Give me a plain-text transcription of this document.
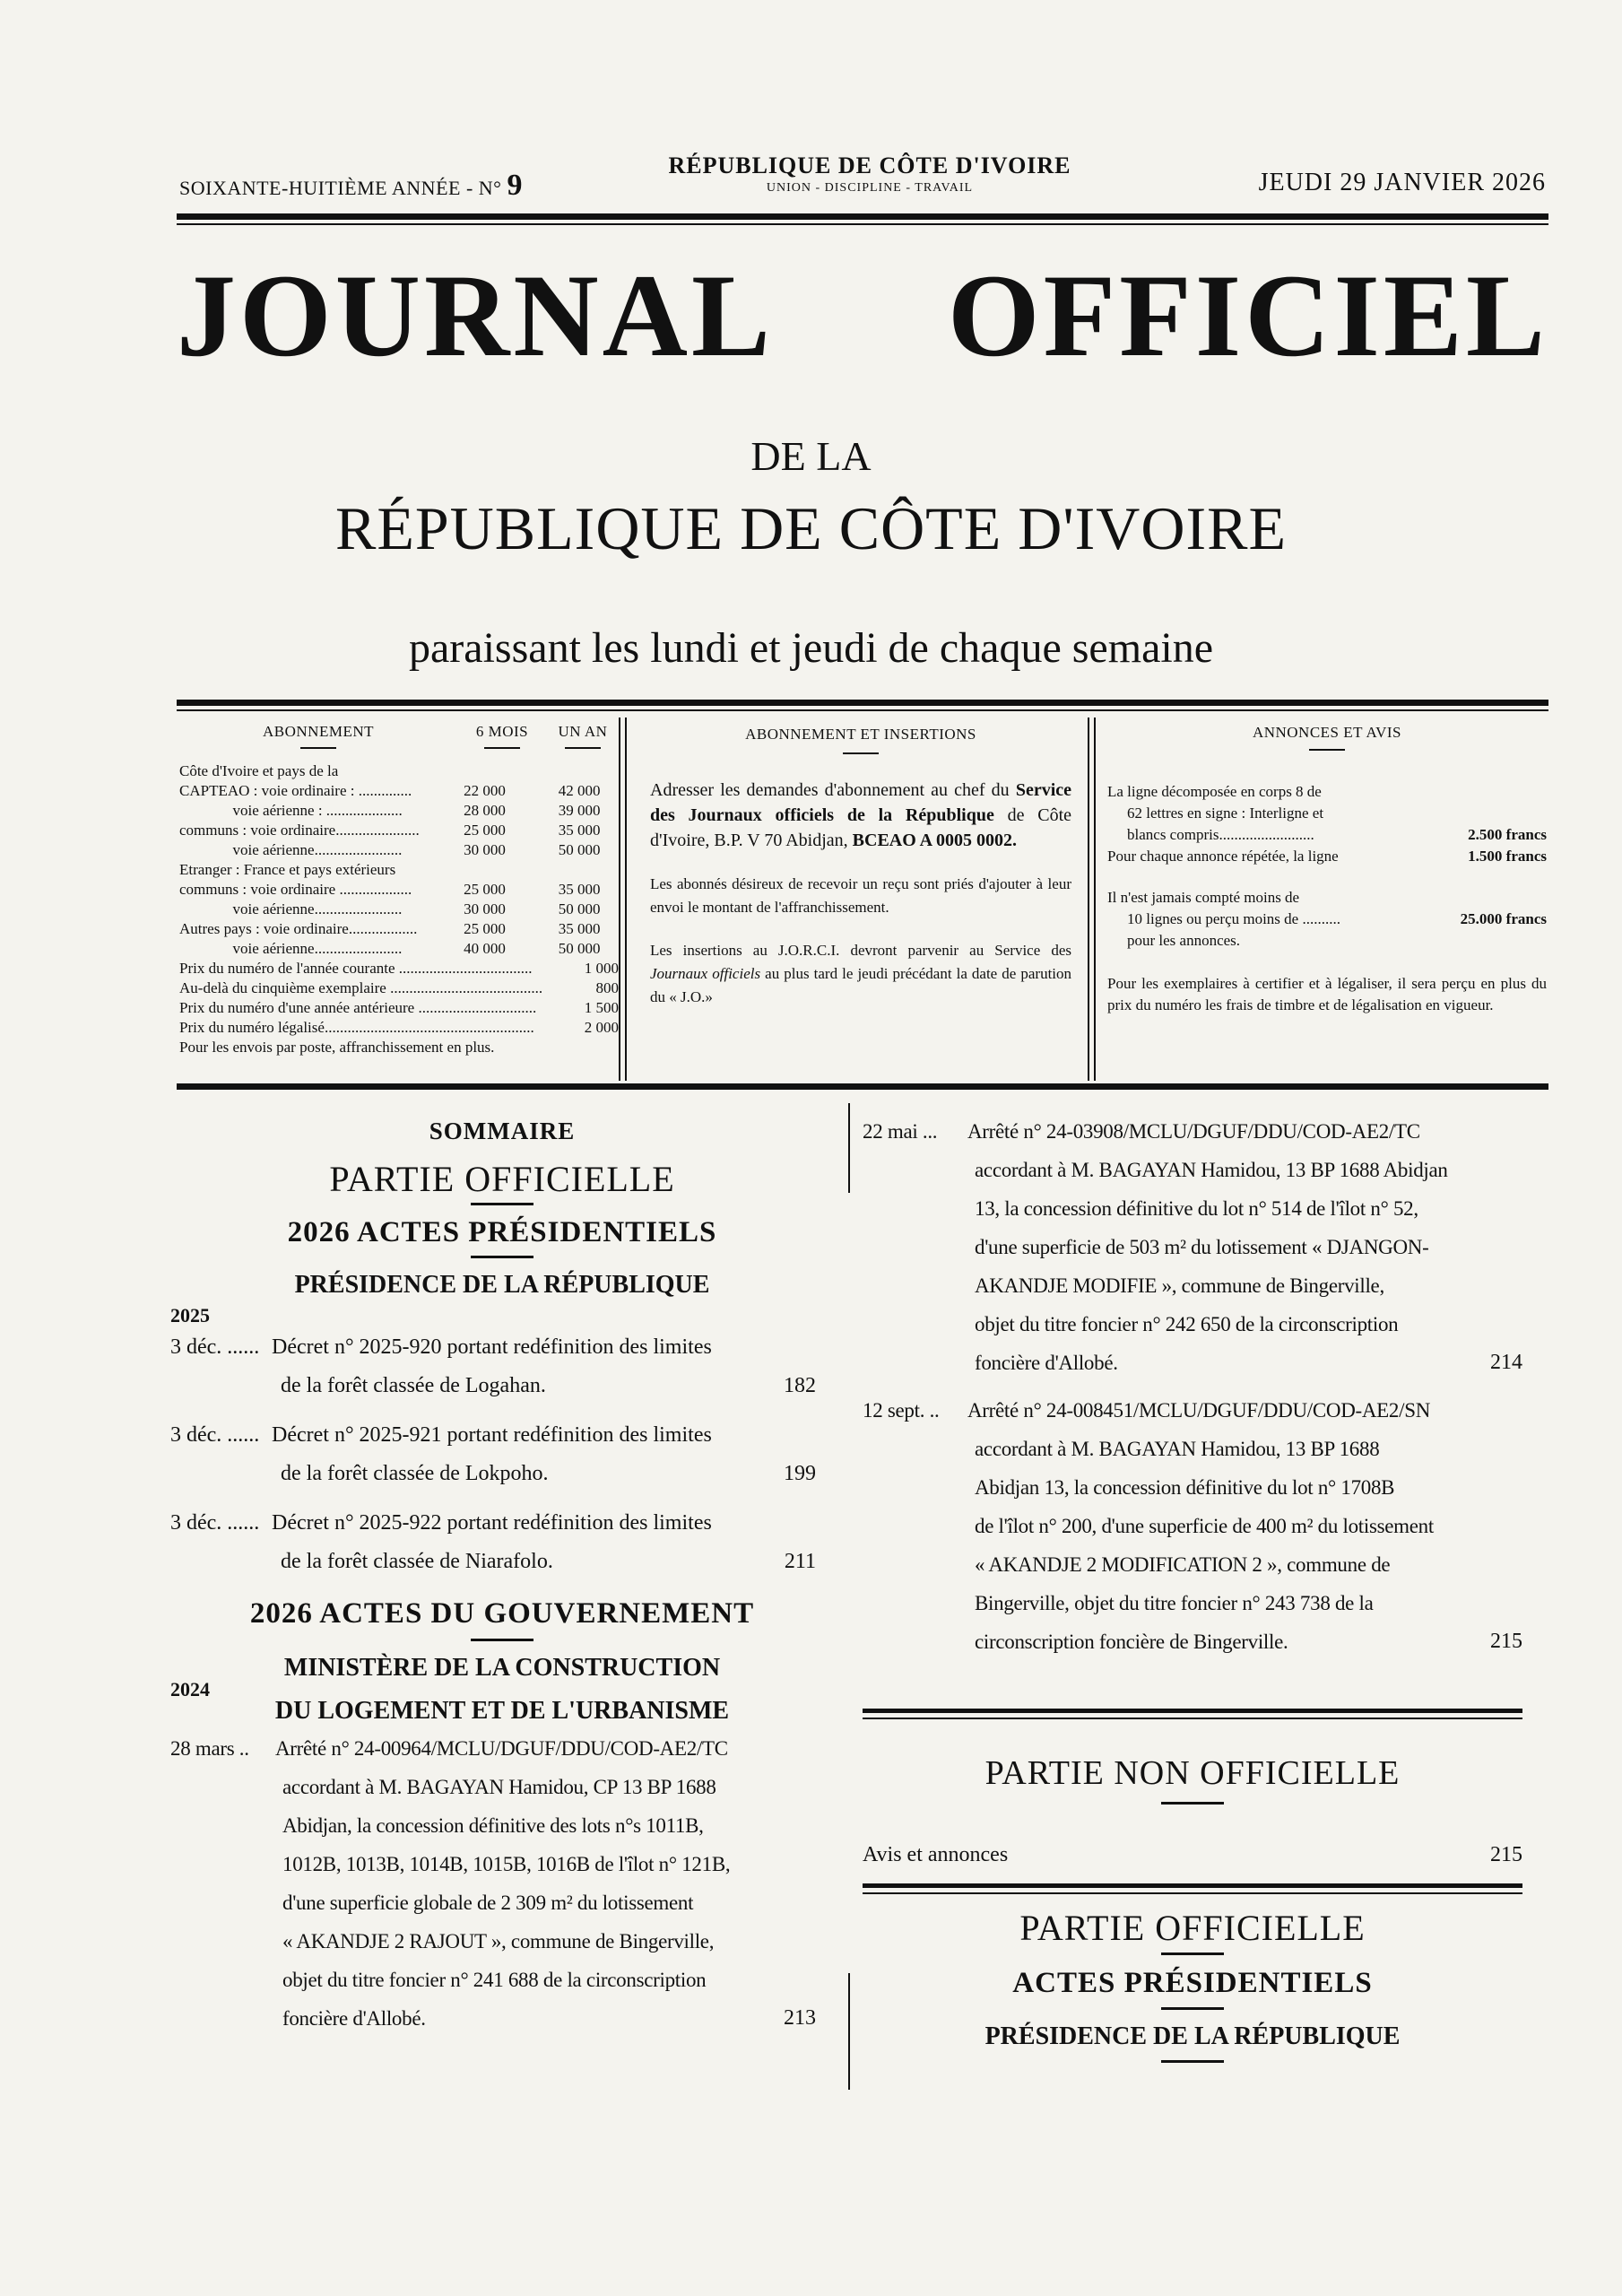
SOIXANTE-HUITIÈME ANNÉE - N° 9
RÉPUBLIQUE DE CÔTE D'IVOIRE
UNION - DISCIPLINE - TRAVAIL	JEUDI 29 JANVIER 2026
JOURNAL OFFICIEL
DE LA
RÉPUBLIQUE DE CÔTE D'IVOIRE
paraissant les lundi et jeudi de chaque semaine
ABONNEMENT	6 MOIS	UN AN
Côte d'Ivoire et pays de la
CAPTEAO : voie ordinaire : ..............	22 000	42 000
voie aérienne : ....................	28 000	39 000
communs : voie ordinaire......................	25 000	35 000
voie aérienne.......................	30 000	50 000
Etranger : France et pays extérieurs
communs : voie ordinaire ...................	25 000	35 000
voie aérienne.......................	30 000	50 000
Autres pays : voie ordinaire..................	25 000	35 000
voie aérienne.......................	40 000	50 000
Prix du numéro de l'année courante ...................................	1 000
Au-delà du cinquième exemplaire ........................................	800
Prix du numéro d'une année antérieure ...............................	1 500
Prix du numéro légalisé.......................................................	2 000
Pour les envois par poste, affranchissement en plus.
ABONNEMENT ET INSERTIONS
Adresser les demandes d'abonnement au chef du Service des Journaux officiels de la République de Côte d'Ivoire, B.P. V 70 Abidjan, BCEAO A 0005 0002.
Les abonnés désireux de recevoir un reçu sont priés d'ajouter à leur envoi le montant de l'affranchissement.
Les insertions au J.O.R.C.I. devront parvenir au Service des Journaux officiels au plus tard le jeudi précédant la date de parution du « J.O.»
ANNONCES ET AVIS
La ligne décomposée en corps 8 de
62 lettres en signe : Interligne et
blancs compris.........................	2.500 francs
Pour chaque annonce répétée, la ligne	1.500 francs
Il n'est jamais compté moins de
10 lignes ou perçu moins de ..........	25.000 francs
pour les annonces.
Pour les exemplaires à certifier et à légaliser, il sera perçu en plus du prix du numéro les frais de timbre et de légalisation en vigueur.
SOMMAIRE
PARTIE OFFICIELLE
2026 ACTES PRÉSIDENTIELS
PRÉSIDENCE DE LA RÉPUBLIQUE
2025
3 déc. ...... Décret n° 2025-920 portant redéfinition des limites
de la forêt classée de Logahan.	182
3 déc. ...... Décret n° 2025-921 portant redéfinition des limites
de la forêt classée de Lokpoho.	199
3 déc. ...... Décret n° 2025-922 portant redéfinition des limites
de la forêt classée de Niarafolo.	211
2026 ACTES DU GOUVERNEMENT
MINISTÈRE DE LA CONSTRUCTION
2024
DU LOGEMENT ET DE L'URBANISME
28 mars .. Arrêté n° 24-00964/MCLU/DGUF/DDU/COD-AE2/TC
accordant à M. BAGAYAN Hamidou, CP 13 BP 1688
Abidjan, la concession définitive des lots n°s 1011B,
1012B, 1013B, 1014B, 1015B, 1016B de l'îlot n° 121B,
d'une superficie globale de 2 309 m² du lotissement
« AKANDJE 2 RAJOUT », commune de Bingerville,
objet du titre foncier n° 241 688 de la circonscription
foncière d'Allobé.	213
22 mai ... Arrêté n° 24-03908/MCLU/DGUF/DDU/COD-AE2/TC
accordant à M. BAGAYAN Hamidou, 13 BP 1688 Abidjan
13, la concession définitive du lot n° 514 de l'îlot n° 52,
d'une superficie de 503 m² du lotissement « DJANGON-
AKANDJE MODIFIE », commune de Bingerville,
objet du titre foncier n° 242 650 de la circonscription
foncière d'Allobé.	214
12 sept. .. Arrêté n° 24-008451/MCLU/DGUF/DDU/COD-AE2/SN
accordant à M. BAGAYAN Hamidou, 13 BP 1688
Abidjan 13, la concession définitive du lot n° 1708B
de l'îlot n° 200, d'une superficie de 400 m² du lotissement
« AKANDJE 2 MODIFICATION 2 », commune de
Bingerville, objet du titre foncier n° 243 738 de la
circonscription foncière de Bingerville.	215
PARTIE NON OFFICIELLE
Avis et annonces	215
PARTIE OFFICIELLE
ACTES PRÉSIDENTIELS
PRÉSIDENCE DE LA RÉPUBLIQUE
